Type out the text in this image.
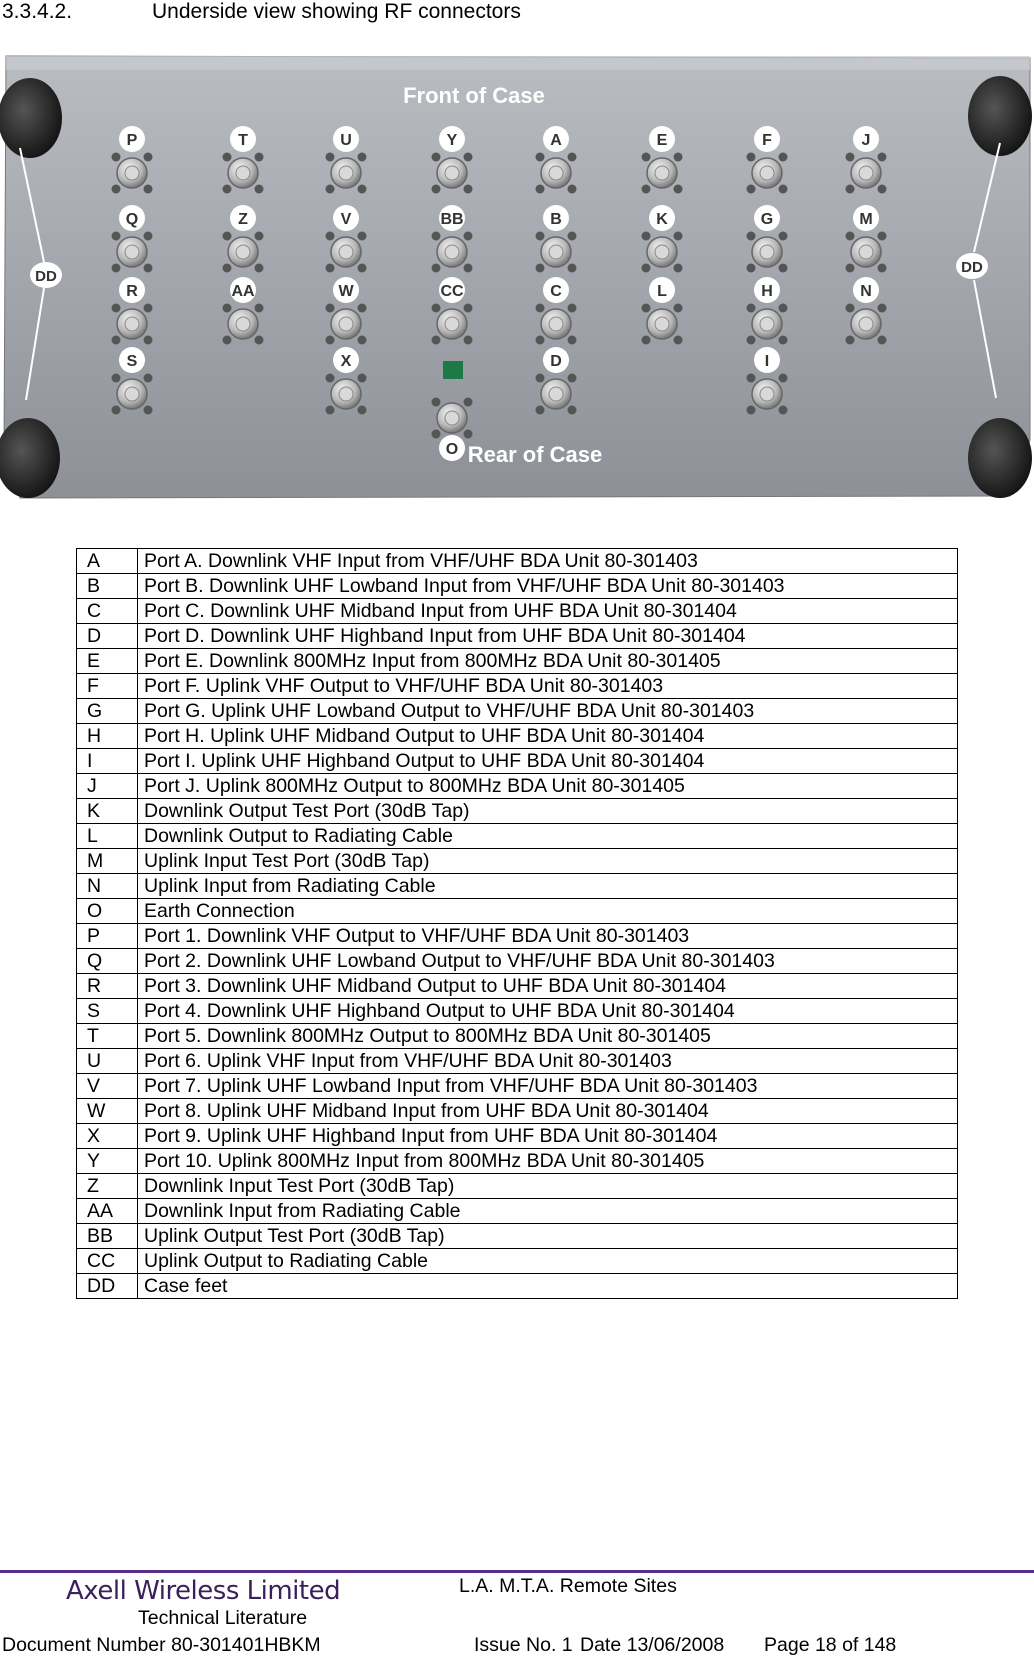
3.3.4.2.	Underside view showing RF connectors
P	T	U	Y	A	E	F	J
Q	Z	V	BB	B	K	G	M
R	AA	W	CC	C	L	H	N
S	X	D	I
O
Front of Case
Rear of Case
DD
DD
A	Port A. Downlink VHF Input from VHF/UHF BDA Unit 80-301403
B	Port B. Downlink UHF Lowband Input from VHF/UHF BDA Unit 80-301403
C	Port C. Downlink UHF Midband Input from UHF BDA Unit 80-301404
D	Port D. Downlink UHF Highband Input from UHF BDA Unit 80-301404
E	Port E. Downlink 800MHz Input from 800MHz BDA Unit 80-301405
F	Port F. Uplink VHF Output to VHF/UHF BDA Unit 80-301403
G	Port G. Uplink UHF Lowband Output to VHF/UHF BDA Unit 80-301403
H	Port H. Uplink UHF Midband Output to UHF BDA Unit 80-301404
I	Port I. Uplink UHF Highband Output to UHF BDA Unit 80-301404
J	Port J. Uplink 800MHz Output to 800MHz BDA Unit 80-301405
K	Downlink Output Test Port (30dB Tap)
L	Downlink Output to Radiating Cable
M	Uplink Input Test Port (30dB Tap)
N	Uplink Input from Radiating Cable
O	Earth Connection
P	Port 1. Downlink VHF Output to VHF/UHF BDA Unit 80-301403
Q	Port 2. Downlink UHF Lowband Output to VHF/UHF BDA Unit 80-301403
R	Port 3. Downlink UHF Midband Output to UHF BDA Unit 80-301404
S	Port 4. Downlink UHF Highband Output to UHF BDA Unit 80-301404
T	Port 5. Downlink 800MHz Output to 800MHz BDA Unit 80-301405
U	Port 6. Uplink VHF Input from VHF/UHF BDA Unit 80-301403
V	Port 7. Uplink UHF Lowband Input from VHF/UHF BDA Unit 80-301403
W	Port 8. Uplink UHF Midband Input from UHF BDA Unit 80-301404
X	Port 9. Uplink UHF Highband Input from UHF BDA Unit 80-301404
Y	Port 10. Uplink 800MHz Input from 800MHz BDA Unit 80-301405
Z	Downlink Input Test Port (30dB Tap)
AA	Downlink Input from Radiating Cable
BB	Uplink Output Test Port (30dB Tap)
CC	Uplink Output to Radiating Cable
DD	Case feet
Axell Wireless Limited	L.A. M.T.A. Remote Sites
Technical Literature
Document Number 80-301401HBKM	Issue No. 1 Date 13/06/2008 Page 18 of 148
